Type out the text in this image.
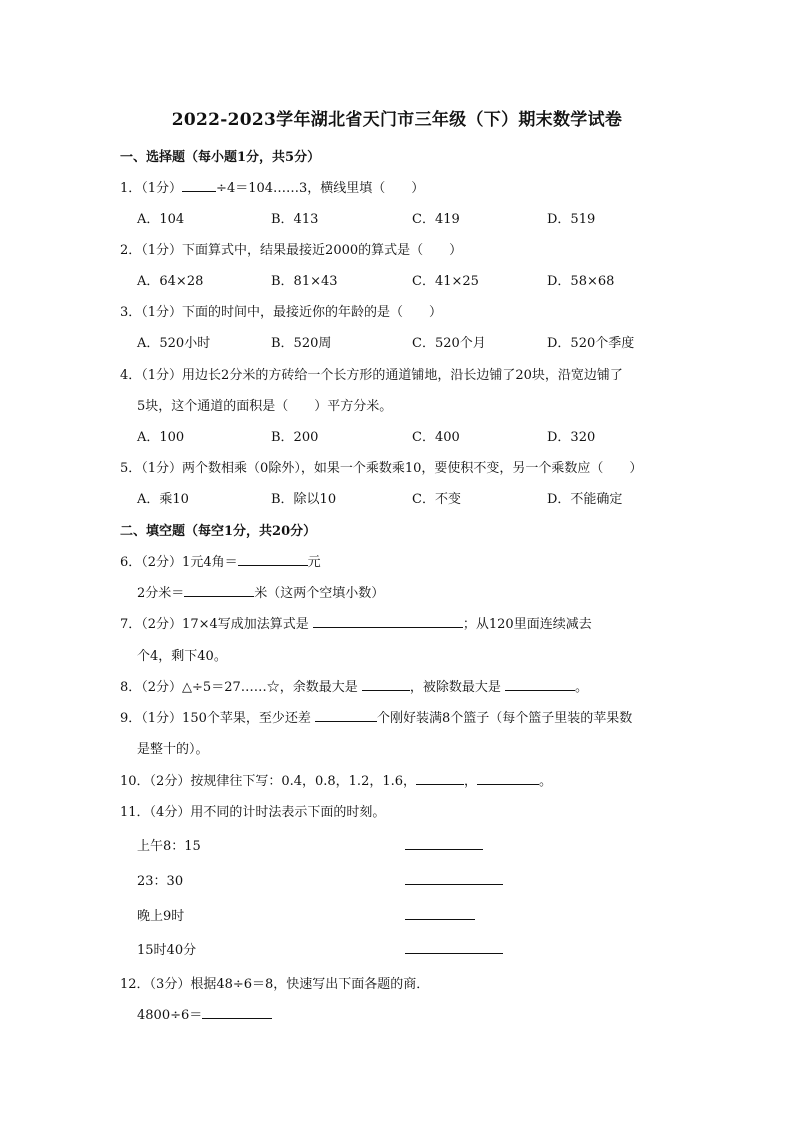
2022-2023学年湖北省天门市三年级（下）期末数学试卷
一、选择题（每小题1分，共5分）
1．（1分）	÷4＝104……3，横线里填（　　）
A．104	B．413	C．419	D．519
2．（1分）下面算式中，结果最接近2000的算式是（　　）
A．64×28	B．81×43	C．41×25	D．58×68
3．（1分）下面的时间中，最接近你的年龄的是（　　）
A．520小时	B．520周	C．520个月	D．520个季度
4．（1分）用边长2分米的方砖给一个长方形的通道铺地，沿长边铺了20块，沿宽边铺了
5块，这个通道的面积是（　　）平方分米。
A．100	B．200	C．400	D．320
5．（1分）两个数相乘（0除外），如果一个乘数乘10，要使积不变，另一个乘数应（　　）
A．乘10	B．除以10	C．不变	D．不能确定
二、填空题（每空1分，共20分）
6．（2分）1元4角＝	元
2分米＝	米（这两个空填小数）
7．（2分）17×4写成加法算式是	；从120里面连续减去
个4，剩下40。
8．（2分）△÷5＝27……☆，余数最大是	，被除数最大是	。
9．（1分）150个苹果，至少还差	个刚好装满8个篮子（每个篮子里装的苹果数
是整十的）。
10．（2分）按规律往下写：0.4，0.8，1.2，1.6，	，	。
11．（4分）用不同的计时法表示下面的时刻。
上午8：15
23：30
晚上9时
15时40分
12．（3分）根据48÷6＝8，快速写出下面各题的商．
4800÷6＝
